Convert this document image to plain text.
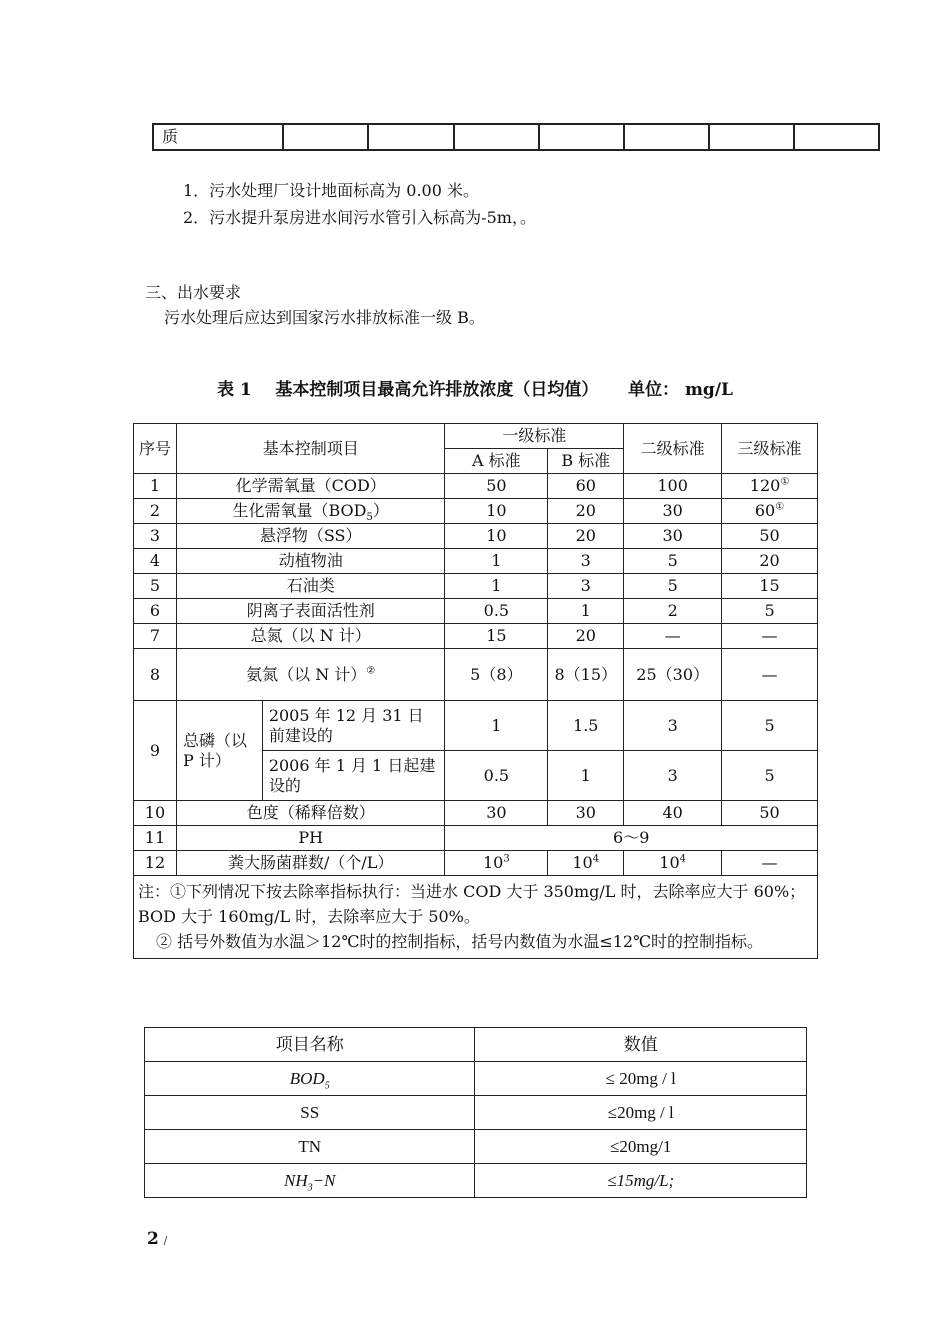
质							
1．污水处理厂设计地面标高为 0.00 米。
2．污水提升泵房进水间污水管引入标高为-5m，。
三、出水要求
污水处理后应达到国家污水排放标准一级 B。
表 1    基本控制项目最高允许排放浓度（日均值）     单位： mg/L
序号	基本控制项目		一级标准		二级标准	三级标准
			A 标准	B 标准		
1	化学需氧量（COD）		50	60	100	120①
2	生化需氧量$(BOD_5)$		10	20	30	60①
3	悬浮物（SS）		10	20	30	50
4	动植物油		1	3	5	20
5	石油类		1	3	5	15
6	阴离子表面活性剂		0.5	1	2	5
7	总氮（以 N 计）		15	20	—	—
8	氨氮（以 N 计）②		5（8）	8（15）	25（30）	—
9	总磷（以 P 计）	2005 年 12 月 31 日前建设的	1	1.5	3	5
		2006 年 1 月 1 日起建设的	0.5	1	3	5
10	色度（稀释倍数）		30	30	40	50
11	PH		6～9			
12	粪大肠菌群数/（个/L）		$10^3$	$10^4$	$10^4$	—

注：①下列情况下按去除率指标执行：当进水 COD 大于 350mg/L 时，去除率应大于 60%；BOD 大于 160mg/L 时，去除率应大于 50%。
② 括号外数值为水温＞12℃时的控制指标，括号内数值为水温≤12℃时的控制指标。						
项目名称	数值
$BOD_5$	≤ 20mg / l
SS	≤20mg / l
TN	≤20mg/1
$NH_3-N$	≤15mg/L;
2 /
